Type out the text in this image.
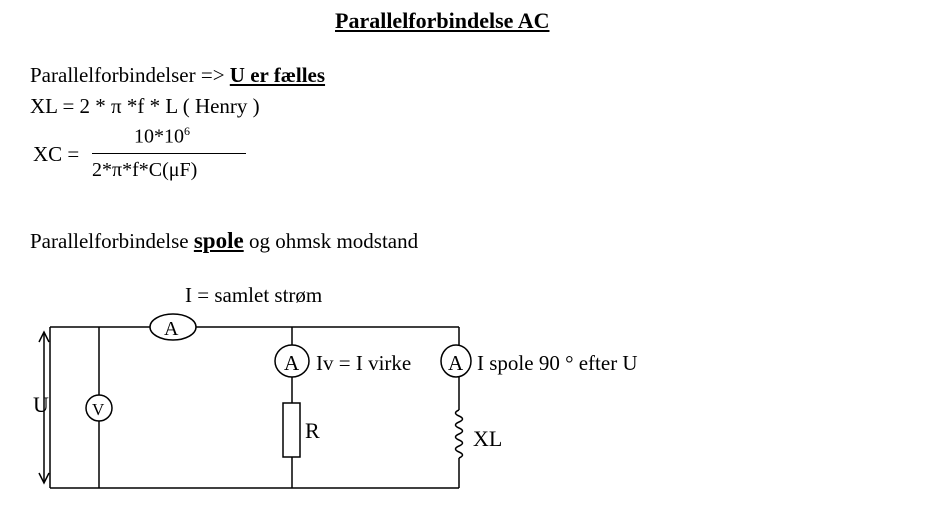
Parallelforbindelse AC
Parallelforbindelser => U er fælles
XL = 2 * π *f * L ( Henry )
XC =
$10*10^6$
2*π*f*C(μF)
Parallelforbindelse spole og ohmsk modstand
I = samlet strøm
A
V
U
A Iv = I virke A I spole 90 ° efter U
R	XL
